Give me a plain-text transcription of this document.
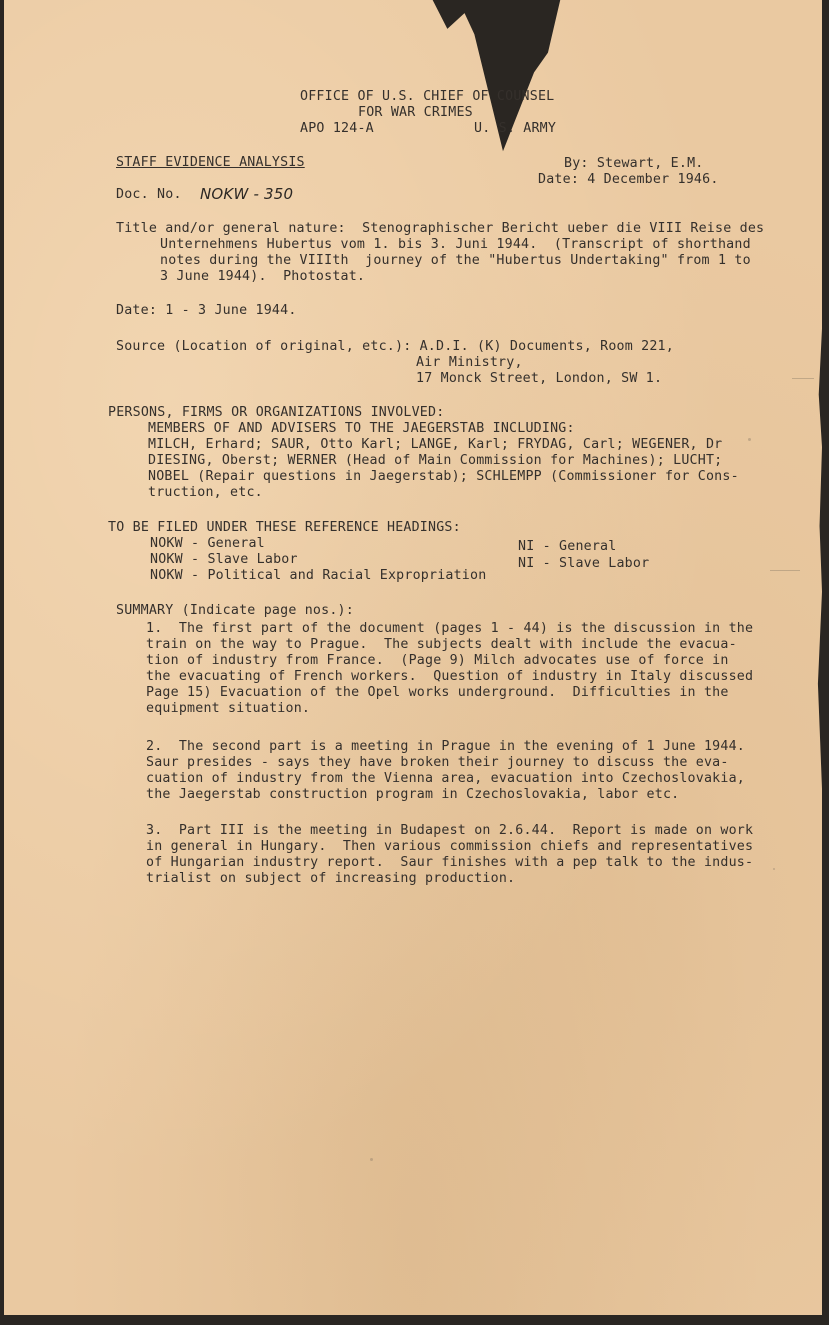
OFFICE OF U.S. CHIEF OF COUNSEL
FOR WAR CRIMES
APO 124-A	U. S. ARMY
STAFF EVIDENCE ANALYSIS	By: Stewart, E.M.
Date: 4 December 1946.
Doc. No. NOKW - 350
Title and/or general nature:  Stenographischer Bericht ueber die VIII Reise des
Unternehmens Hubertus vom 1. bis 3. Juni 1944.  (Transcript of shorthand
notes during the VIIIth  journey of the "Hubertus Undertaking" from 1 to
3 June 1944).  Photostat.
Date: 1 - 3 June 1944.
Source (Location of original, etc.): A.D.I. (K) Documents, Room 221,
Air Ministry,
17 Monck Street, London, SW 1.
PERSONS, FIRMS OR ORGANIZATIONS INVOLVED:
MEMBERS OF AND ADVISERS TO THE JAEGERSTAB INCLUDING:
MILCH, Erhard; SAUR, Otto Karl; LANGE, Karl; FRYDAG, Carl; WEGENER, Dr
DIESING, Oberst; WERNER (Head of Main Commission for Machines); LUCHT;
NOBEL (Repair questions in Jaegerstab); SCHLEMPP (Commissioner for Cons-
truction, etc.
TO BE FILED UNDER THESE REFERENCE HEADINGS:
NOKW - General
NOKW - Slave Labor
NOKW - Political and Racial Expropriation
NI - General
NI - Slave Labor
SUMMARY (Indicate page nos.):
1.  The first part of the document (pages 1 - 44) is the discussion in the
train on the way to Prague.  The subjects dealt with include the evacua-
tion of industry from France.  (Page 9) Milch advocates use of force in
the evacuating of French workers.  Question of industry in Italy discussed
Page 15) Evacuation of the Opel works underground.  Difficulties in the
equipment situation.
2.  The second part is a meeting in Prague in the evening of 1 June 1944.
Saur presides - says they have broken their journey to discuss the eva-
cuation of industry from the Vienna area, evacuation into Czechoslovakia,
the Jaegerstab construction program in Czechoslovakia, labor etc.
3.  Part III is the meeting in Budapest on 2.6.44.  Report is made on work
in general in Hungary.  Then various commission chiefs and representatives
of Hungarian industry report.  Saur finishes with a pep talk to the indus-
trialist on subject of increasing production.
